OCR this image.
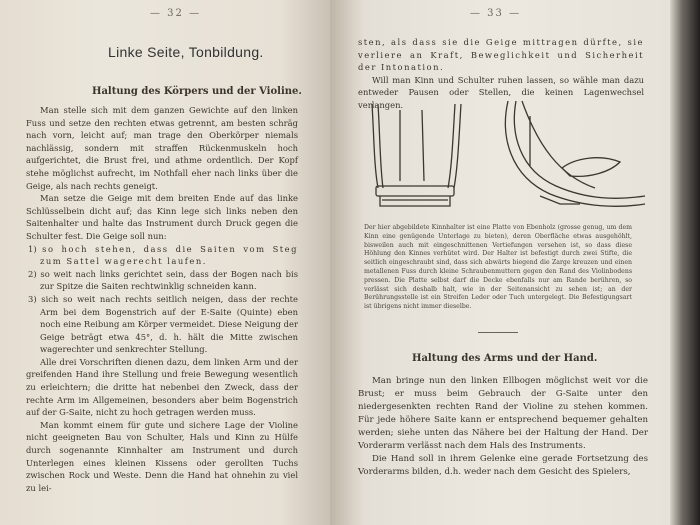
— 32 —
Linke Seite, Tonbildung.
Haltung des Körpers und der Violine.

Man stelle sich mit dem ganzen Gewichte auf den linken Fuss und setze den rechten etwas getrennt, am besten schräg nach vorn, leicht auf; man trage den Oberkörper niemals nachlässig, sondern mit straffen Rückenmuskeln hoch aufgerichtet, die Brust frei, und athme ordentlich. Der Kopf stehe möglichst aufrecht, im Nothfall eher nach links über die Geige, als nach rechts geneigt.

Man setze die Geige mit dem breiten Ende auf das linke Schlüsselbein dicht auf; das Kinn lege sich links neben den Saitenhalter und halte das Instrument durch Druck gegen die Schulter fest. Die Geige soll nun:

1) so hoch stehen, dass die Saiten vom Steg zum Sattel wagerecht laufen.

2) so weit nach links gerichtet sein, dass der Bogen nach bis zur Spitze die Saiten rechtwinklig schneiden kann.

3) sich so weit nach rechts seitlich neigen, dass der rechte Arm bei dem Bogenstrich auf der E-Saite (Quinte) eben noch eine Reibung am Körper vermeidet. Diese Neigung der Geige beträgt etwa 45°, d. h. hält die Mitte zwischen wagerechter und senkrechter Stellung.

Alle drei Vorschriften dienen dazu, dem linken Arm und der greifenden Hand ihre Stellung und freie Bewegung wesentlich zu erleichtern; die dritte hat nebenbei den Zweck, dass der rechte Arm im Allgemeinen, besonders aber beim Bogenstrich auf der G-Saite, nicht zu hoch getragen werden muss.

Man kommt einem für gute und sichere Lage der Violine nicht geeigneten Bau von Schulter, Hals und Kinn zu Hülfe durch sogenannte Kinnhalter am Instrument und durch Unterlegen eines kleinen Kissens oder gerollten Tuchs zwischen Rock und Weste. Denn die Hand hat ohnehin zu viel zu lei-

— 33 —

sten, als dass sie die Geige mittragen dürfte, sie verliere an Kraft, Beweglichkeit und Sicherheit der Intonation.

Will man Kinn und Schulter ruhen lassen, so wähle man dazu entweder Pausen oder Stellen, die keinen Lagenwechsel verlangen.

Der hier abgebildete Kinnhalter ist eine Platte von Ebenholz (grosse genug, um dem Kinn eine genügende Unterlage zu bieten), deren Oberfläche etwas ausgehöhlt, bisweilen auch mit eingeschnittenen Vertiefungen versehen ist, so dass diese Höhlung den Kinnes verhütet wird. Der Halter ist befestigt durch zwei Stifte, die seitlich eingeschraubt sind, dass sich abwärts biegend die Zarge kreuzen und einen metallenen Fuss durch kleine Schraubenmuttern gegen den Rand des Violinbodens pressen. Die Platte selbst darf die Decke ebenfalls nur am Rande berühren, so verlässt sich deshalb halt, wie in der Seitenansicht zu sehen ist; an der Berührungsstelle ist ein Streifen Leder oder Tuch untergelegt. Die Befestigungsart ist übrigens nicht immer dieselbe.
Haltung des Arms und der Hand.

Man bringe nun den linken Ellbogen möglichst weit vor die Brust; er muss beim Gebrauch der G-Saite unter den niedergesenkten rechten Rand der Violine zu stehen kommen. Für jede höhere Saite kann er entsprechend bequemer gehalten werden; siehe unten das Nähere bei der Haltung der Hand. Der Vorderarm verlässt nach dem Hals des Instruments.

Die Hand soll in ihrem Gelenke eine gerade Fortsetzung des Vorderarms bilden, d.h. weder nach dem Gesicht des Spielers,
